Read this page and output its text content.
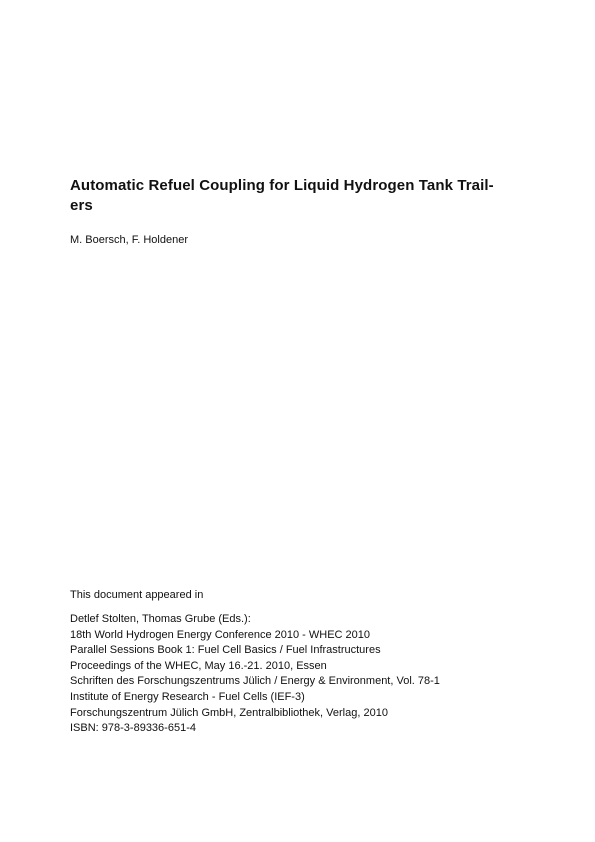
Automatic Refuel Coupling for Liquid Hydrogen Tank Trail-
ers

M. Boersch, F. Holdener

This document appeared in

Detlef Stolten, Thomas Grube (Eds.):
18th World Hydrogen Energy Conference 2010 - WHEC 2010
Parallel Sessions Book 1: Fuel Cell Basics / Fuel Infrastructures
Proceedings of the WHEC, May 16.-21. 2010, Essen
Schriften des Forschungszentrums Jülich / Energy & Environment, Vol. 78-1
Institute of Energy Research - Fuel Cells (IEF-3)
Forschungszentrum Jülich GmbH, Zentralbibliothek, Verlag, 2010
ISBN: 978-3-89336-651-4
